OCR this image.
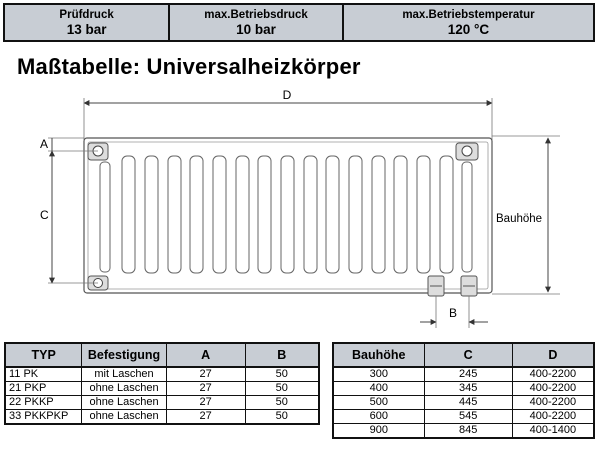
Prüfdruck
13 bar
max.Betriebsdruck
10 bar
max.Betriebstemperatur
120 °C
Maßtabelle: Universalheizkörper
D
A
C	Bauhöhe
B
TYP	Befestigung	A	B
11 PK	mit Laschen	27	50
21 PKP	ohne Laschen	27	50
22 PKKP	ohne Laschen	27	50
33 PKKPKP	ohne Laschen	27	50
Bauhöhe	C	D
300	245	400-2200
400	345	400-2200
500	445	400-2200
600	545	400-2200
900	845	400-1400
